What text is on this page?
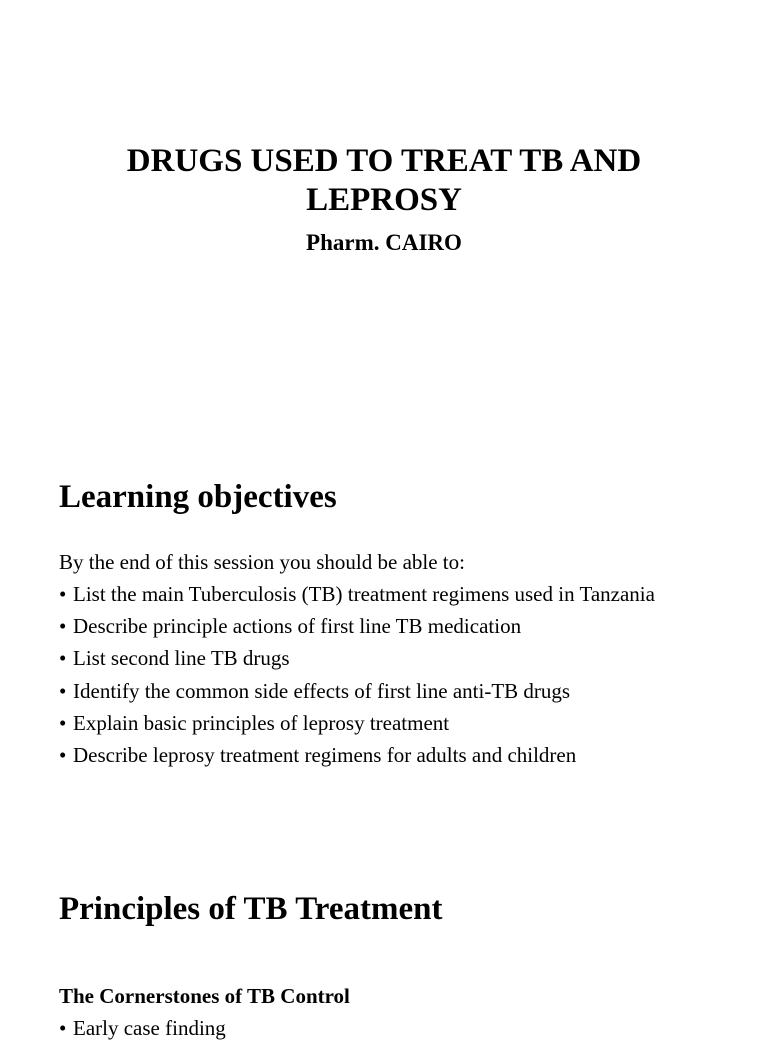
DRUGS USED TO TREAT TB AND
LEPROSY

Pharm. CAIRO

Learning objectives

By the end of this session you should be able to:

• List the main Tuberculosis (TB) treatment regimens used in Tanzania
• Describe principle actions of first line TB medication
• List second line TB drugs
• Identify the common side effects of first line anti-TB drugs
• Explain basic principles of leprosy treatment
• Describe leprosy treatment regimens for adults and children
Principles of TB Treatment

The Cornerstones of TB Control

• Early case finding
